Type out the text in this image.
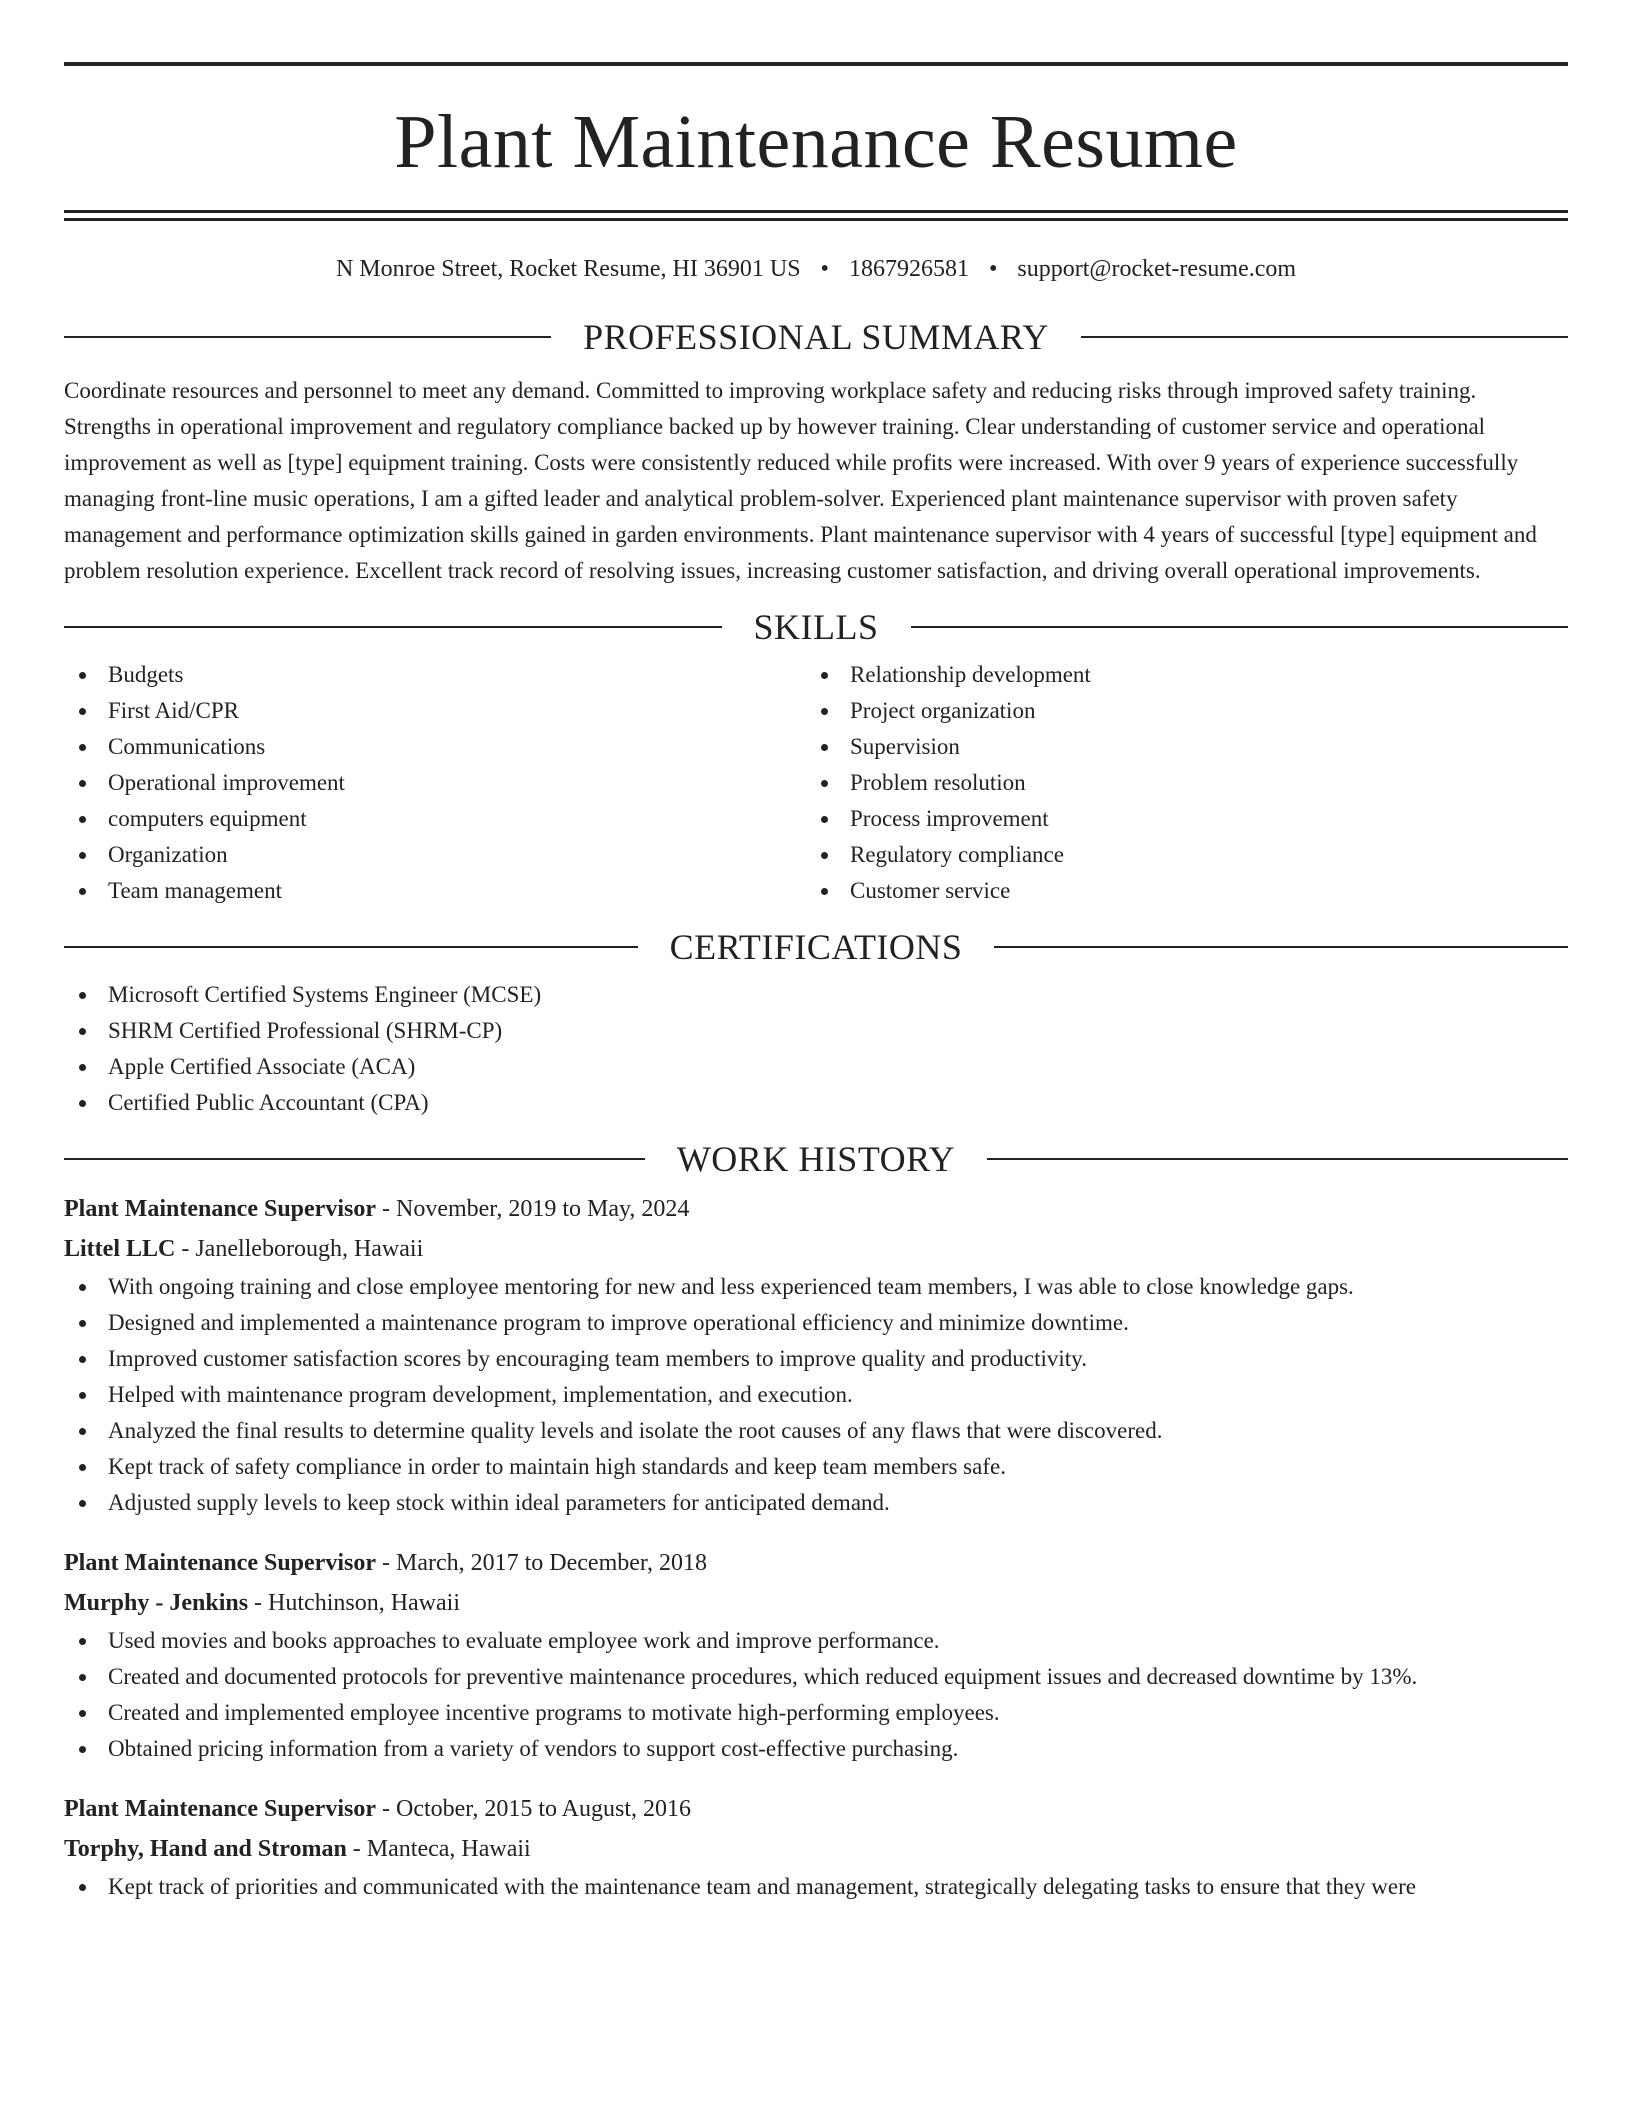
Plant Maintenance Resume
N Monroe Street, Rocket Resume, HI 36901 US • 1867926581 • support@rocket-resume.com
PROFESSIONAL SUMMARY

Coordinate resources and personnel to meet any demand. Committed to improving workplace safety and reducing risks through improved safety training. Strengths in operational improvement and regulatory compliance backed up by however training. Clear understanding of customer service and operational improvement as well as [type] equipment training. Costs were consistently reduced while profits were increased. With over 9 years of experience successfully managing front-line music operations, I am a gifted leader and analytical problem-solver. Experienced plant maintenance supervisor with proven safety management and performance optimization skills gained in garden environments. Plant maintenance supervisor with 4 years of successful [type] equipment and problem resolution experience. Excellent track record of resolving issues, increasing customer satisfaction, and driving overall operational improvements.

SKILLS
Budgets
First Aid/CPR
Communications
Operational improvement
computers equipment
Organization
Team management
Relationship development
Project organization
Supervision
Problem resolution
Process improvement
Regulatory compliance
Customer service
CERTIFICATIONS
Microsoft Certified Systems Engineer (MCSE)
SHRM Certified Professional (SHRM-CP)
Apple Certified Associate (ACA)
Certified Public Accountant (CPA)
WORK HISTORY
Plant Maintenance Supervisor - November, 2019 to May, 2024
Littel LLC - Janelleborough, Hawaii
With ongoing training and close employee mentoring for new and less experienced team members, I was able to close knowledge gaps.
Designed and implemented a maintenance program to improve operational efficiency and minimize downtime.
Improved customer satisfaction scores by encouraging team members to improve quality and productivity.
Helped with maintenance program development, implementation, and execution.
Analyzed the final results to determine quality levels and isolate the root causes of any flaws that were discovered.
Kept track of safety compliance in order to maintain high standards and keep team members safe.
Adjusted supply levels to keep stock within ideal parameters for anticipated demand.
Plant Maintenance Supervisor - March, 2017 to December, 2018
Murphy - Jenkins - Hutchinson, Hawaii
Used movies and books approaches to evaluate employee work and improve performance.
Created and documented protocols for preventive maintenance procedures, which reduced equipment issues and decreased downtime by 13%.
Created and implemented employee incentive programs to motivate high-performing employees.
Obtained pricing information from a variety of vendors to support cost-effective purchasing.
Plant Maintenance Supervisor - October, 2015 to August, 2016
Torphy, Hand and Stroman - Manteca, Hawaii
Kept track of priorities and communicated with the maintenance team and management, strategically delegating tasks to ensure that they were
